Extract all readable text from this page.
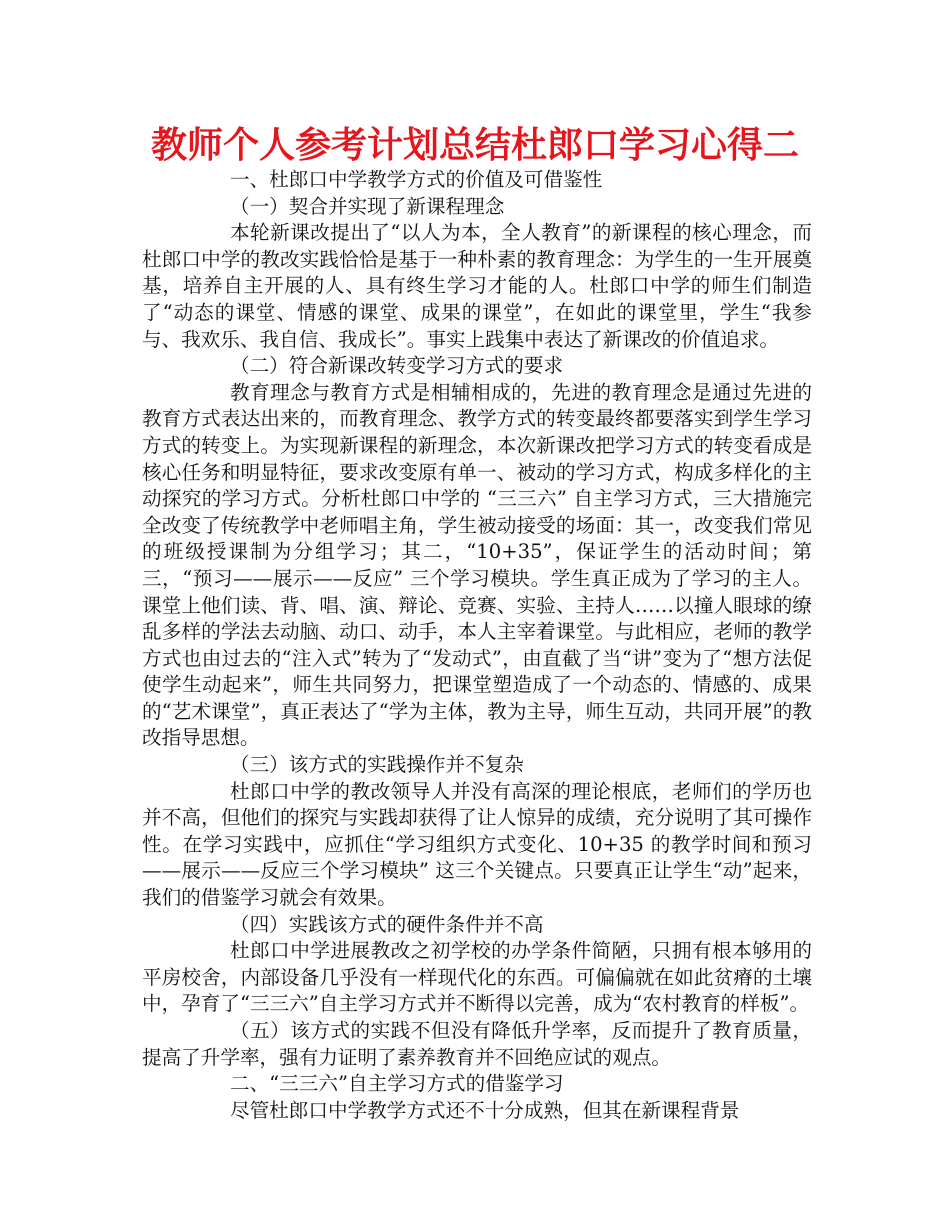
教师个人参考计划总结杜郎口学习心得二

一、杜郎口中学教学方式的价值及可借鉴性

（一）契合并实现了新课程理念

本轮新课改提出了“以人为本，全人教育”的新课程的核心理念，而杜郎口中学的教改实践恰恰是基于一种朴素的教育理念：为学生的一生开展奠基，培养自主开展的人、具有终生学习才能的人。杜郎口中学的师生们制造了“动态的课堂、情感的课堂、成果的课堂”，在如此的课堂里，学生“我参与、我欢乐、我自信、我成长”。事实上践集中表达了新课改的价值追求。

（二）符合新课改转变学习方式的要求

教育理念与教育方式是相辅相成的，先进的教育理念是通过先进的教育方式表达出来的，而教育理念、教学方式的转变最终都要落实到学生学习方式的转变上。为实现新课程的新理念，本次新课改把学习方式的转变看成是核心任务和明显特征，要求改变原有单一、被动的学习方式，构成多样化的主动探究的学习方式。分析杜郎口中学的 “三三六” 自主学习方式，三大措施完全改变了传统教学中老师唱主角，学生被动接受的场面：其一，改变我们常见的班级授课制为分组学习；其二，“10+35”，保证学生的活动时间；第三，“预习——展示——反应” 三个学习模块。学生真正成为了学习的主人。课堂上他们读、背、唱、演、辩论、竞赛、实验、主持人……以撞人眼球的缭乱多样的学法去动脑、动口、动手，本人主宰着课堂。与此相应，老师的教学方式也由过去的“注入式”转为了“发动式”，由直截了当“讲”变为了“想方法促使学生动起来”，师生共同努力，把课堂塑造成了一个动态的、情感的、成果的“艺术课堂”，真正表达了“学为主体，教为主导，师生互动，共同开展”的教改指导思想。

（三）该方式的实践操作并不复杂

杜郎口中学的教改领导人并没有高深的理论根底，老师们的学历也并不高，但他们的探究与实践却获得了让人惊异的成绩，充分说明了其可操作性。在学习实践中，应抓住“学习组织方式变化、10+35 的教学时间和预习——展示——反应三个学习模块” 这三个关键点。只要真正让学生“动”起来，我们的借鉴学习就会有效果。

（四）实践该方式的硬件条件并不高

杜郎口中学进展教改之初学校的办学条件简陋，只拥有根本够用的平房校舍，内部设备几乎没有一样现代化的东西。可偏偏就在如此贫瘠的土壤中，孕育了“三三六”自主学习方式并不断得以完善，成为“农村教育的样板”。

（五）该方式的实践不但没有降低升学率，反而提升了教育质量，提高了升学率，强有力证明了素养教育并不回绝应试的观点。

二、“三三六”自主学习方式的借鉴学习

尽管杜郎口中学教学方式还不十分成熟，但其在新课程背景
